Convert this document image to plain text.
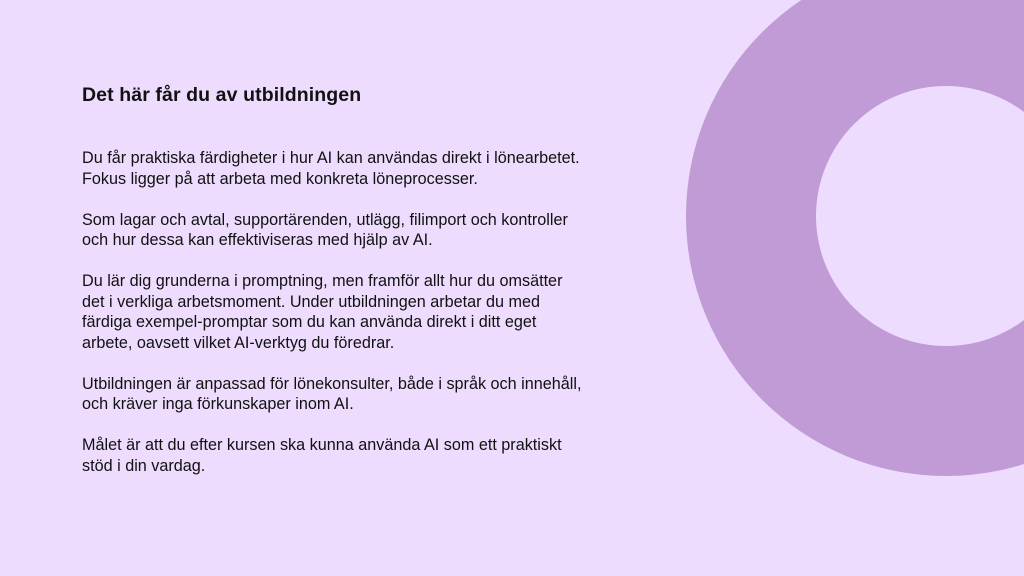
Det här får du av utbildningen

Du får praktiska färdigheter i hur AI kan användas direkt i lönearbetet.
Fokus ligger på att arbeta med konkreta löneprocesser.

Som lagar och avtal, supportärenden, utlägg, filimport och kontroller
och hur dessa kan effektiviseras med hjälp av AI.

Du lär dig grunderna i promptning, men framför allt hur du omsätter
det i verkliga arbetsmoment. Under utbildningen arbetar du med
färdiga exempel-promptar som du kan använda direkt i ditt eget
arbete, oavsett vilket AI-verktyg du föredrar.

Utbildningen är anpassad för lönekonsulter, både i språk och innehåll,
och kräver inga förkunskaper inom AI.

Målet är att du efter kursen ska kunna använda AI som ett praktiskt
stöd i din vardag.
